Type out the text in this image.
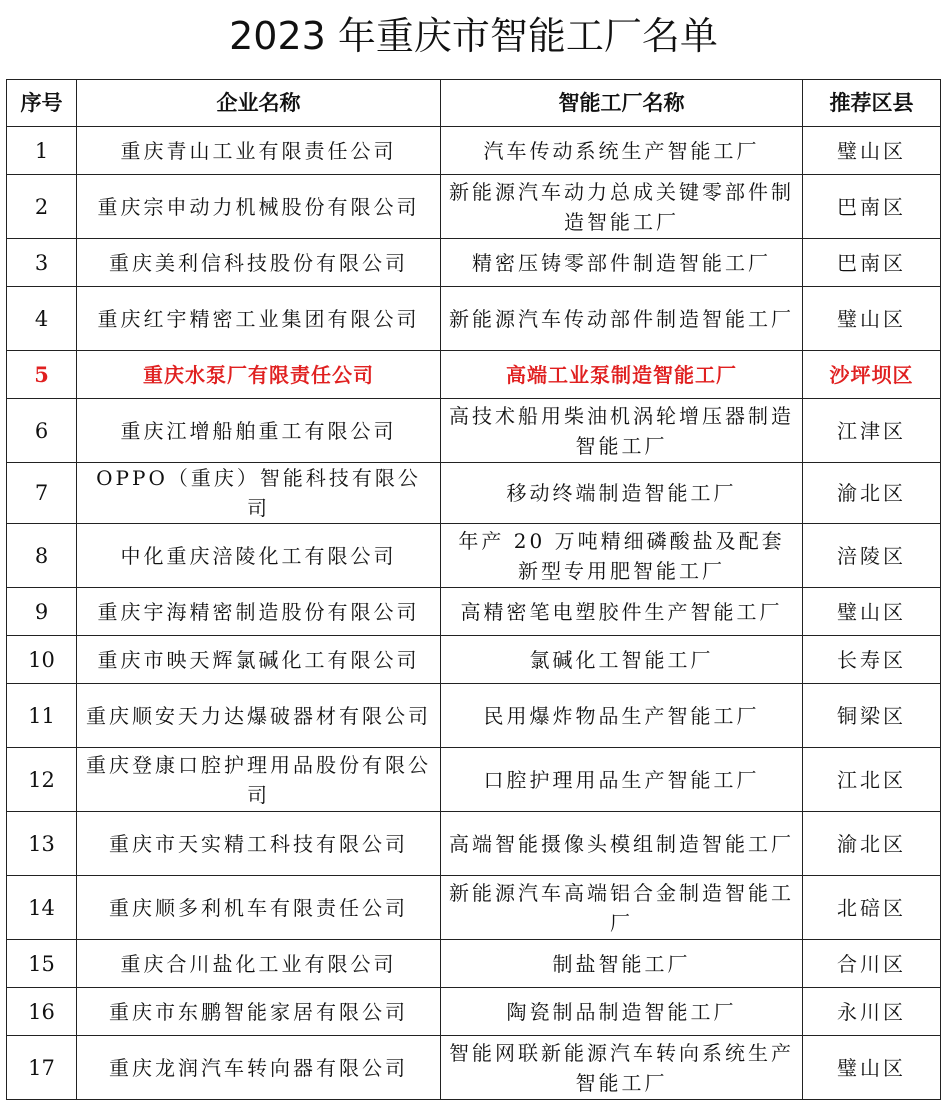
2023 年重庆市智能工厂名单
序号	企业名称	智能工厂名称	推荐区县
1	重庆青山工业有限责任公司	汽车传动系统生产智能工厂	璧山区
2	重庆宗申动力机械股份有限公司	新能源汽车动力总成关键零部件制造智能工厂	巴南区
3	重庆美利信科技股份有限公司	精密压铸零部件制造智能工厂	巴南区
4	重庆红宇精密工业集团有限公司	新能源汽车传动部件制造智能工厂	璧山区
5	重庆水泵厂有限责任公司	高端工业泵制造智能工厂	沙坪坝区
6	重庆江增船舶重工有限公司	高技术船用柴油机涡轮增压器制造智能工厂	江津区
7	OPPO（重庆）智能科技有限公司	移动终端制造智能工厂	渝北区
8	中化重庆涪陵化工有限公司	年产 20 万吨精细磷酸盐及配套新型专用肥智能工厂	涪陵区
9	重庆宇海精密制造股份有限公司	高精密笔电塑胶件生产智能工厂	璧山区
10	重庆市映天辉氯碱化工有限公司	氯碱化工智能工厂	长寿区
11	重庆顺安天力达爆破器材有限公司	民用爆炸物品生产智能工厂	铜梁区
12	重庆登康口腔护理用品股份有限公司	口腔护理用品生产智能工厂	江北区
13	重庆市天实精工科技有限公司	高端智能摄像头模组制造智能工厂	渝北区
14	重庆顺多利机车有限责任公司	新能源汽车高端铝合金制造智能工厂	北碚区
15	重庆合川盐化工业有限公司	制盐智能工厂	合川区
16	重庆市东鹏智能家居有限公司	陶瓷制品制造智能工厂	永川区
17	重庆龙润汽车转向器有限公司	智能网联新能源汽车转向系统生产智能工厂	璧山区
